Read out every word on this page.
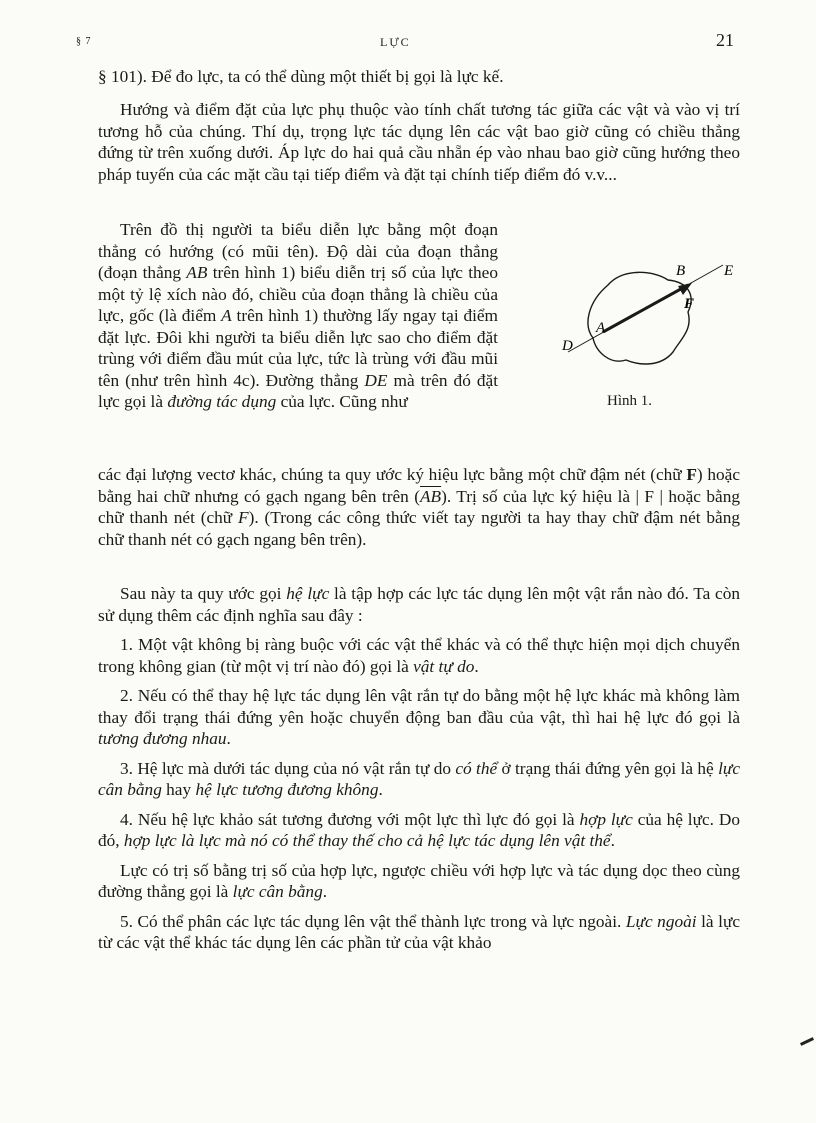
§ 7	LỰC	21

§ 101). Để đo lực, ta có thể dùng một thiết bị gọi là lực kế.

Hướng và điểm đặt của lực phụ thuộc vào tính chất tương tác giữa các vật và vào vị trí tương hỗ của chúng. Thí dụ, trọng lực tác dụng lên các vật bao giờ cũng có chiều thẳng đứng từ trên xuống dưới. Áp lực do hai quả cầu nhẵn ép vào nhau bao giờ cũng hướng theo pháp tuyến của các mặt cầu tại tiếp điểm và đặt tại chính tiếp điểm đó v.v...

Trên đồ thị người ta biểu diễn lực bằng một đoạn thẳng có hướng (có mũi tên). Độ dài của đoạn thẳng (đoạn thẳng AB trên hình 1) biểu diễn trị số của lực theo một tỷ lệ xích nào đó, chiều của đoạn thẳng là chiều của lực, gốc (là điểm A trên hình 1) thường lấy ngay tại điểm đặt lực. Đôi khi người ta biểu diễn lực sao cho điểm đặt trùng với điểm đầu mút của lực, tức là trùng với đầu mũi tên (như trên hình 4c). Đường thẳng DE mà trên đó đặt lực gọi là đường tác dụng của lực. Cũng như

B	E
F
A
D
Hình 1.

các đại lượng vectơ khác, chúng ta quy ước ký hiệu lực bằng một chữ đậm nét (chữ F) hoặc bằng hai chữ nhưng có gạch ngang bên trên $(\overline{AB})$. Trị số của lực ký hiệu là | F | hoặc bằng chữ thanh nét (chữ F). (Trong các công thức viết tay người ta hay thay chữ đậm nét bằng chữ thanh nét có gạch ngang bên trên).

Sau này ta quy ước gọi hệ lực là tập hợp các lực tác dụng lên một vật rắn nào đó. Ta còn sử dụng thêm các định nghĩa sau đây :

1. Một vật không bị ràng buộc với các vật thể khác và có thể thực hiện mọi dịch chuyển trong không gian (từ một vị trí nào đó) gọi là vật tự do.

2. Nếu có thể thay hệ lực tác dụng lên vật rắn tự do bằng một hệ lực khác mà không làm thay đổi trạng thái đứng yên hoặc chuyển động ban đầu của vật, thì hai hệ lực đó gọi là tương đương nhau.

3. Hệ lực mà dưới tác dụng của nó vật rắn tự do có thể ở trạng thái đứng yên gọi là hệ lực cân bằng hay hệ lực tương đương không.

4. Nếu hệ lực khảo sát tương đương với một lực thì lực đó gọi là hợp lực của hệ lực. Do đó, hợp lực là lực mà nó có thể thay thế cho cả hệ lực tác dụng lên vật thể.

Lực có trị số bằng trị số của hợp lực, ngược chiều với hợp lực và tác dụng dọc theo cùng đường thẳng gọi là lực cân bằng.

5. Có thể phân các lực tác dụng lên vật thể thành lực trong và lực ngoài. Lực ngoài là lực từ các vật thể khác tác dụng lên các phần tử của vật khảo
